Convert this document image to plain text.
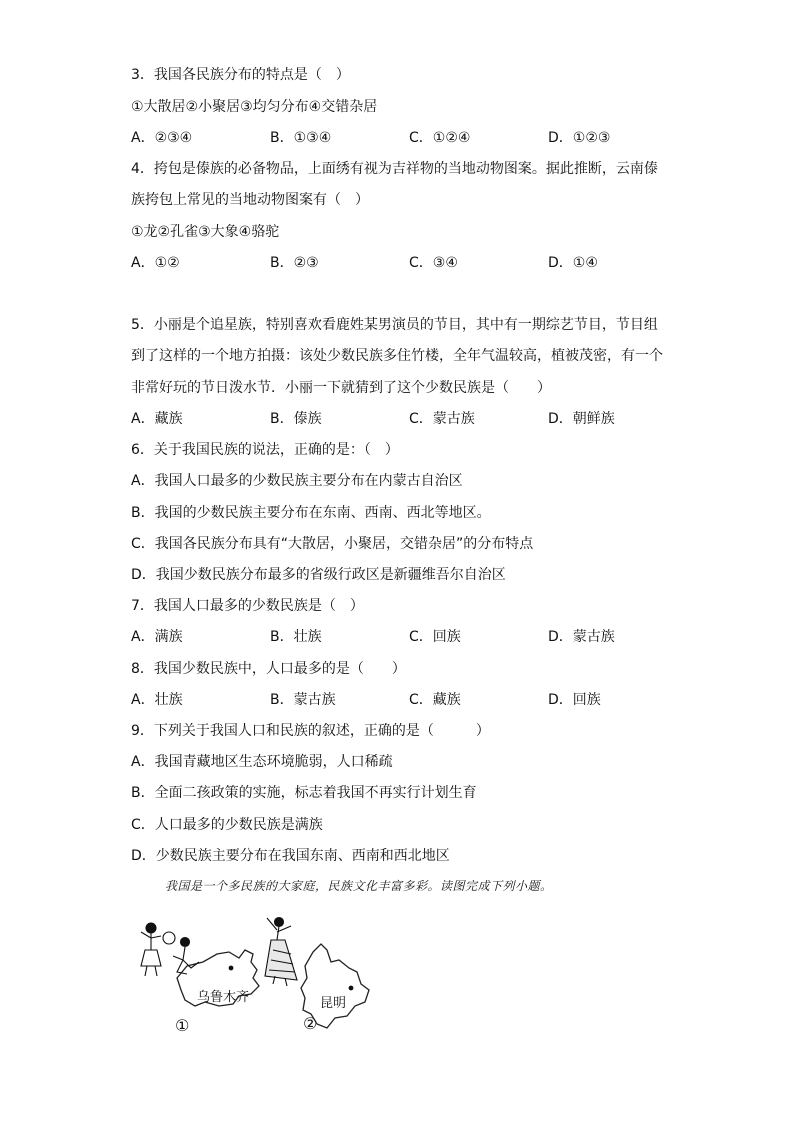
3．我国各民族分布的特点是（　）
①大散居②小聚居③均匀分布④交错杂居
A．②③④	B．①③④	C．①②④	D．①②③
4．挎包是傣族的必备物品，上面绣有视为吉祥物的当地动物图案。据此推断，云南傣
族挎包上常见的当地动物图案有（　）
①龙②孔雀③大象④骆驼
A．①②	B．②③	C．③④	D．①④
5．小丽是个追星族，特别喜欢看鹿姓某男演员的节目，其中有一期综艺节目，节目组
到了这样的一个地方拍摄：该处少数民族多住竹楼，全年气温较高，植被茂密，有一个
非常好玩的节日泼水节．小丽一下就猜到了这个少数民族是（　　）
A．藏族	B．傣族	C．蒙古族	D．朝鲜族
6．关于我国民族的说法，正确的是：（　）
A．我国人口最多的少数民族主要分布在内蒙古自治区
B．我国的少数民族主要分布在东南、西南、西北等地区。
C．我国各民族分布具有“大散居，小聚居，交错杂居”的分布特点
D．我国少数民族分布最多的省级行政区是新疆维吾尔自治区
7．我国人口最多的少数民族是（　）
A．满族	B．壮族	C．回族	D．蒙古族
8．我国少数民族中，人口最多的是（　　）
A．壮族	B．蒙古族	C．藏族	D．回族
9．下列关于我国人口和民族的叙述，正确的是（　　　）
A．我国青藏地区生态环境脆弱，人口稀疏
B．全面二孩政策的实施，标志着我国不再实行计划生育
C．人口最多的少数民族是满族
D．少数民族主要分布在我国东南、西南和西北地区
我国是一个多民族的大家庭，民族文化丰富多彩。读图完成下列小题。
乌鲁木齐	昆明
①	②
